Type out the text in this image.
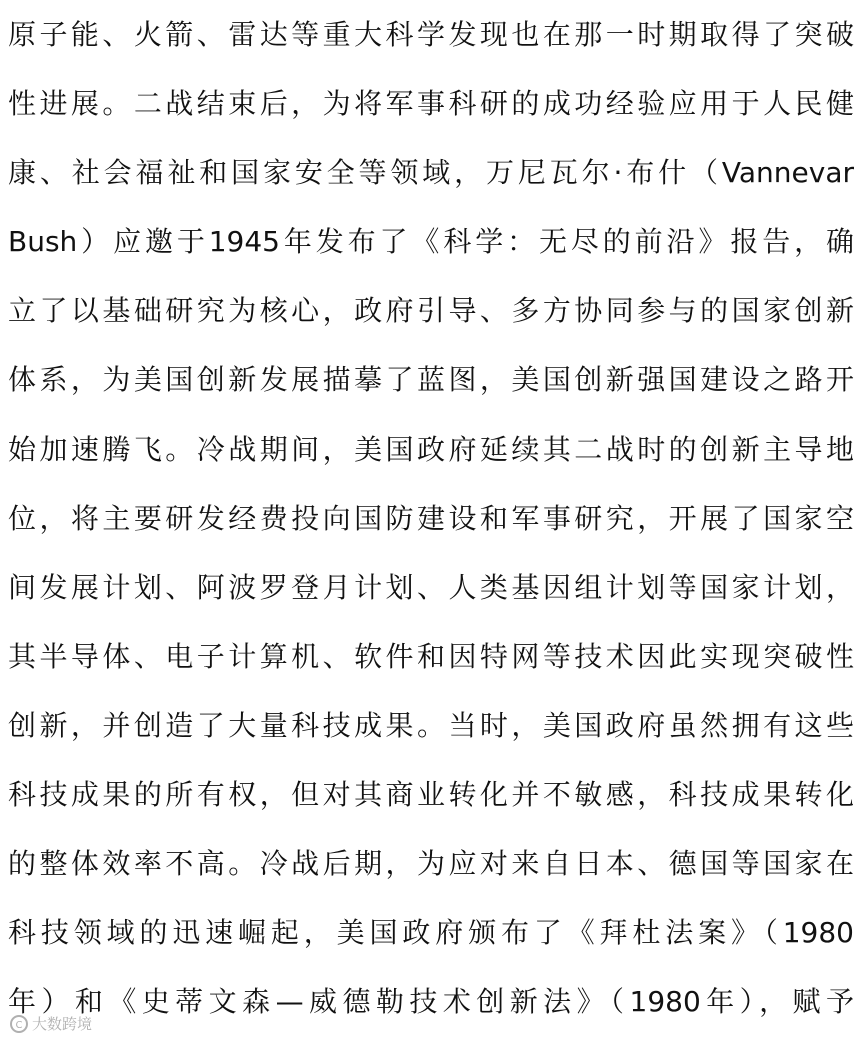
原子能、火箭、雷达等重大科学发现也在那一时期取得了突破
性进展。二战结束后，为将军事科研的成功经验应用于人民健
康、社会福祉和国家安全等领域，万尼瓦尔·布什（Vannevar
Bush）应邀于1945年发布了《科学：无尽的前沿》报告，确
立了以基础研究为核心，政府引导、多方协同参与的国家创新
体系，为美国创新发展描摹了蓝图，美国创新强国建设之路开
始加速腾飞。冷战期间，美国政府延续其二战时的创新主导地
位，将主要研发经费投向国防建设和军事研究，开展了国家空
间发展计划、阿波罗登月计划、人类基因组计划等国家计划，
其半导体、电子计算机、软件和因特网等技术因此实现突破性
创新，并创造了大量科技成果。当时，美国政府虽然拥有这些
科技成果的所有权，但对其商业转化并不敏感，科技成果转化
的整体效率不高。冷战后期，为应对来自日本、德国等国家在
科技领域的迅速崛起，美国政府颁布了《拜杜法案》（1980
年）和《史蒂文森—威德勒技术创新法》（1980年），赋予
C 大数跨境
